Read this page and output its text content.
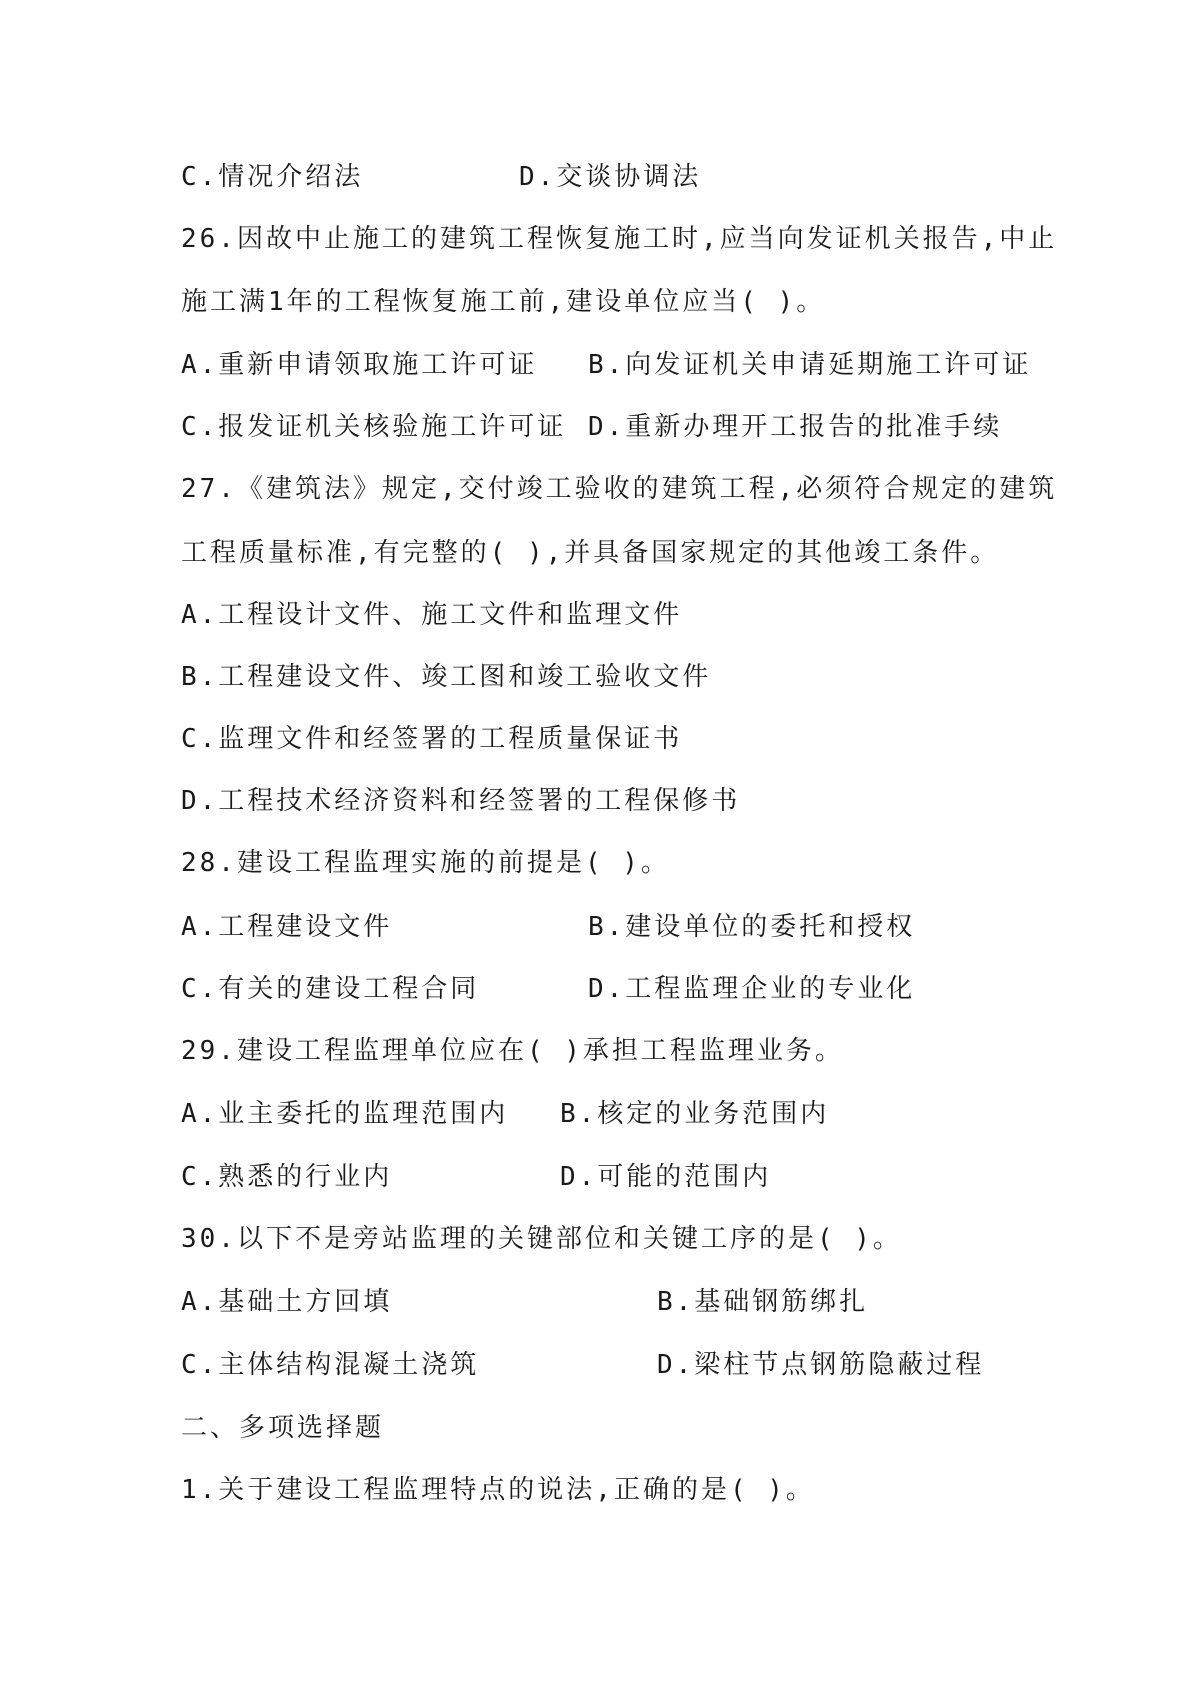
C.情况介绍法	D.交谈协调法
26.因故中止施工的建筑工程恢复施工时,应当向发证机关报告,中止
施工满1年的工程恢复施工前,建设单位应当( )。
A.重新申请领取施工许可证 B.向发证机关申请延期施工许可证
C.报发证机关核验施工许可证 D.重新办理开工报告的批准手续
27.《建筑法》规定,交付竣工验收的建筑工程,必须符合规定的建筑
工程质量标准,有完整的( ),并具备国家规定的其他竣工条件。
A.工程设计文件、施工文件和监理文件
B.工程建设文件、竣工图和竣工验收文件
C.监理文件和经签署的工程质量保证书
D.工程技术经济资料和经签署的工程保修书
28.建设工程监理实施的前提是( )。
A.工程建设文件	B.建设单位的委托和授权
C.有关的建设工程合同	D.工程监理企业的专业化
29.建设工程监理单位应在( )承担工程监理业务。
A.业主委托的监理范围内 B.核定的业务范围内
C.熟悉的行业内	D.可能的范围内
30.以下不是旁站监理的关键部位和关键工序的是( )。
A.基础土方回填	B.基础钢筋绑扎
C.主体结构混凝土浇筑	D.梁柱节点钢筋隐蔽过程
二、多项选择题
1.关于建设工程监理特点的说法,正确的是( )。
